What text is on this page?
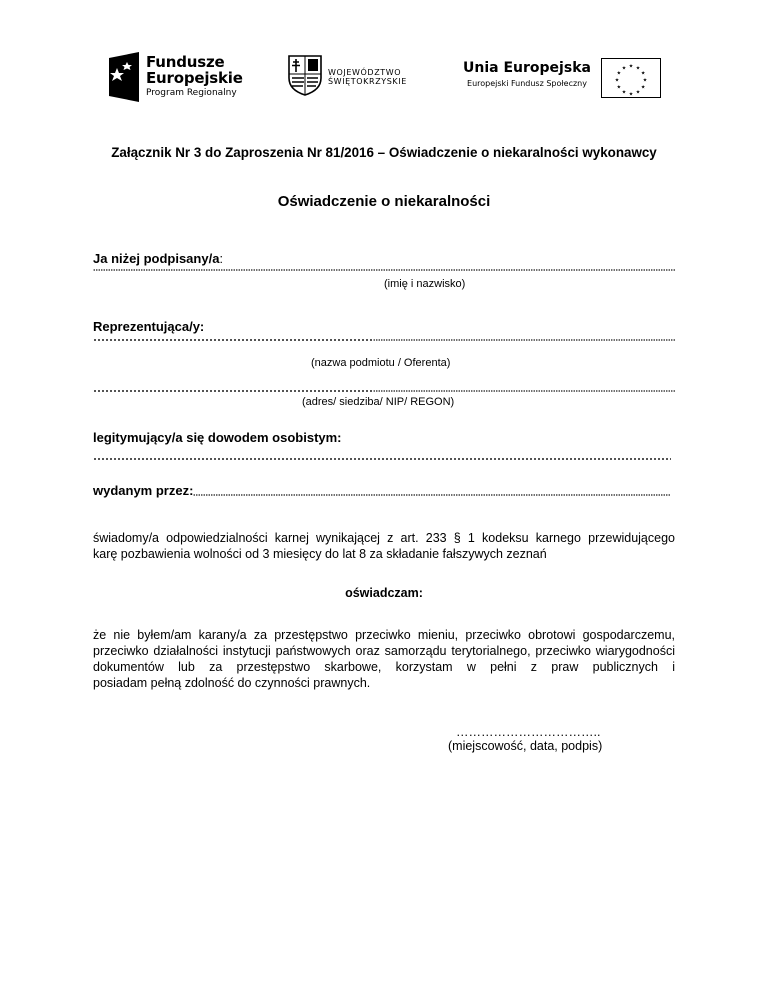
Fundusze
Europejskie
Program Regionalny
WOJEWÓDZTWO
ŚWIĘTOKRZYSKIE
Unia Europejska
Europejski Fundusz Społeczny
★ ★
★
★
★
★
★
★
★
★
★
★
Załącznik Nr 3 do Zaproszenia Nr 81/2016 – Oświadczenie o niekaralności wykonawcy
Oświadczenie o niekaralności
Ja niżej podpisany/a:
(imię i nazwisko)
Reprezentująca/y:
(nazwa podmiotu / Oferenta)
(adres/ siedziba/ NIP/ REGON)
legitymujący/a się dowodem osobistym:
wydanym przez:
świadomy/a odpowiedzialności karnej wynikającej z art. 233 § 1 kodeksu karnego przewidującego
karę pozbawienia wolności od 3 miesięcy do lat 8 za składanie fałszywych zeznań
oświadczam:
że nie byłem/am karany/a za przestępstwo przeciwko mieniu, przeciwko obrotowi gospodarczemu, przeciwko działalności instytucji państwowych oraz samorządu terytorialnego, przeciwko wiarygodności dokumentów lub za przestępstwo skarbowe, korzystam w pełni z praw publicznych i
posiadam pełną zdolność do czynności prawnych.
……………………………..
(miejscowość, data, podpis)
